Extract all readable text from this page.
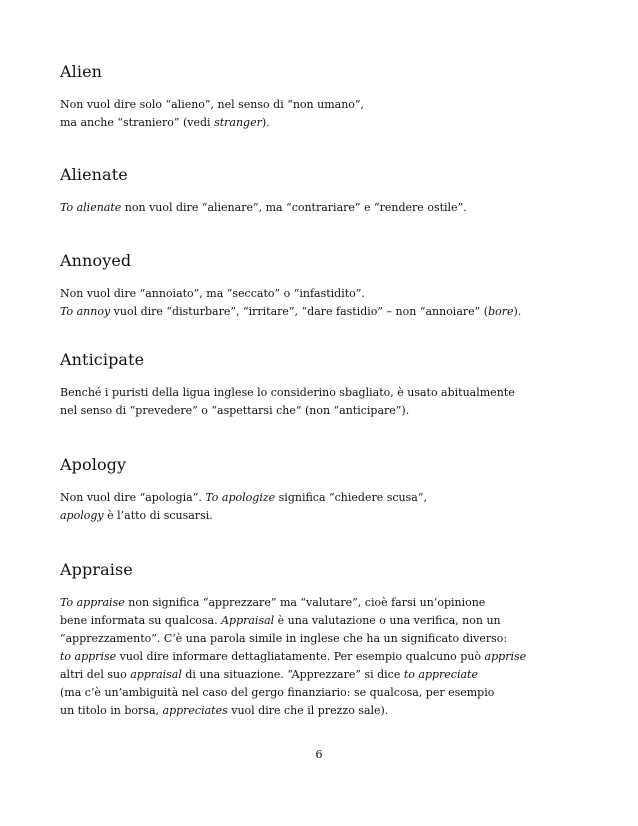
Alien
Non vuol dire solo “alieno”, nel senso di “non umano”,
ma anche “straniero” (vedi stranger).
Alienate
To alienate non vuol dire “alienare”, ma “contrariare” e “rendere ostile”.
Annoyed
Non vuol dire “annoiato”, ma “seccato” o “infastidito”.
To annoy vuol dire “disturbare”, “irritare”, “dare fastidio” – non “annoiare” (bore).
Anticipate
Benché i puristi della ligua inglese lo considerino sbagliato, è usato abitualmente
nel senso di “prevedere” o “aspettarsi che” (non “anticipare”).
Apology
Non vuol dire “apologia”. To apologize significa “chiedere scusa”,
apology è l’atto di scusarsi.
Appraise
To appraise non significa “apprezzare” ma “valutare”, cioè farsi un’opinione
bene informata su qualcosa. Appraisal è una valutazione o una verifica, non un
“apprezzamento”. C’è una parola simile in inglese che ha un significato diverso:
to apprise vuol dire informare dettagliatamente. Per esempio qualcuno può apprise
altri del suo appraisal di una situazione. “Apprezzare” si dice to appreciate
(ma c’è un’ambiguità nel caso del gergo finanziario: se qualcosa, per esempio
un titolo in borsa, appreciates vuol dire che il prezzo sale).
6
